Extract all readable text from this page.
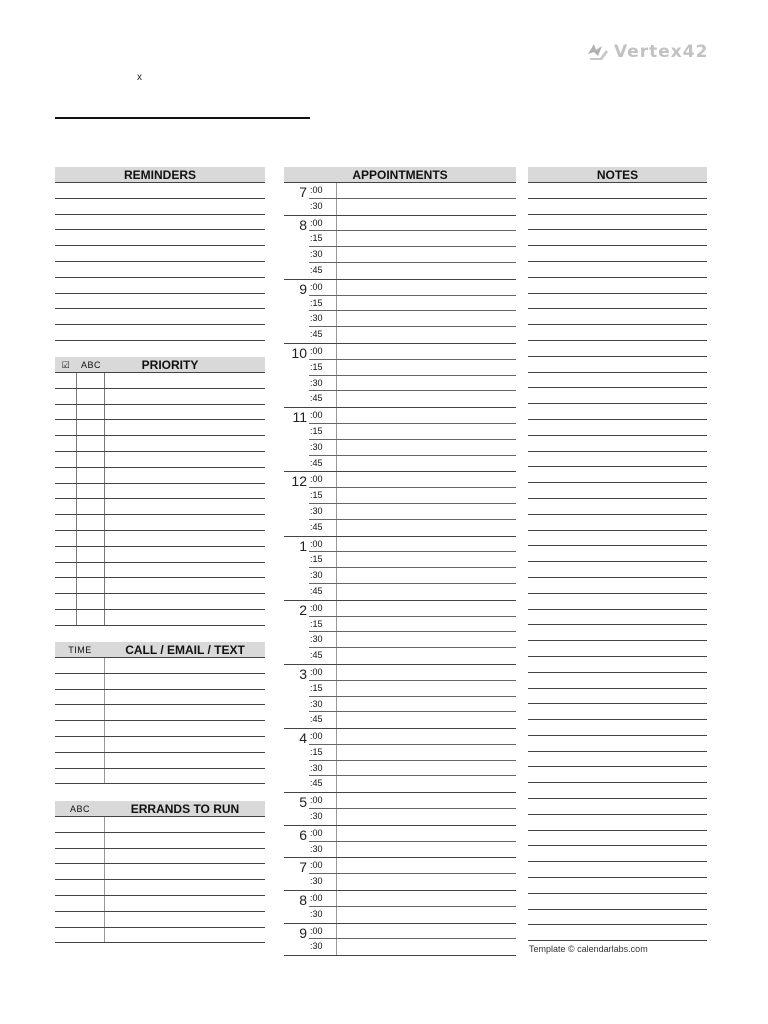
Vertex42
x
REMINDERS
☑	ABC	PRIORITY
TIME	CALL / EMAIL / TEXT
ABC	ERRANDS TO RUN
APPOINTMENTS
7 :00
:30
8 :00
:15
:30
:45
9 :00
:15
:30
:45
10 :00
:15
:30
:45
11 :00
:15
:30
:45
12 :00
:15
:30
:45
1 :00
:15
:30
:45
2 :00
:15
:30
:45
3 :00
:15
:30
:45
4 :00
:15
:30
:45
5 :00
:30
6 :00
:30
7 :00
:30
8 :00
:30
9 :00
:30
NOTES
Template © calendarlabs.com
